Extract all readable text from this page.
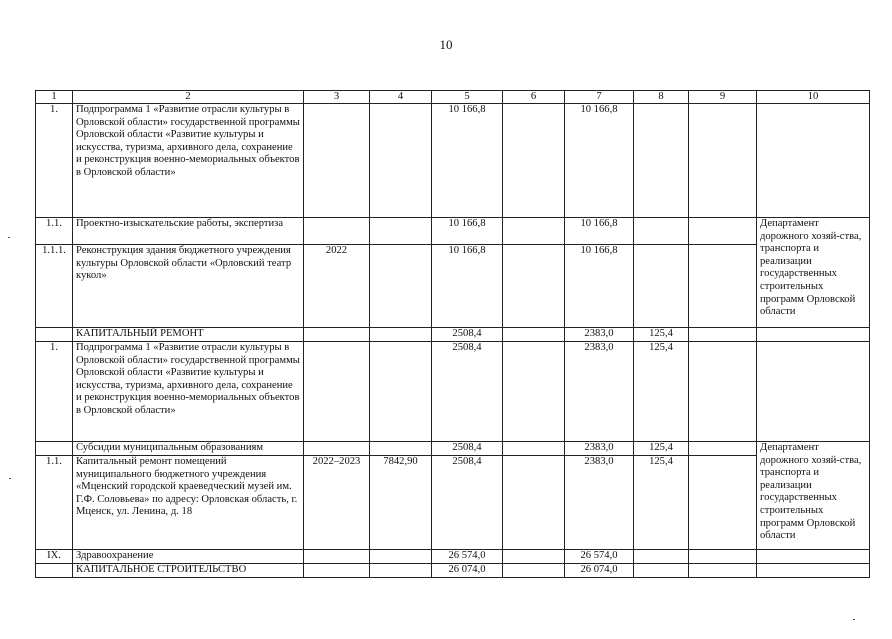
10
1	2	3	4	5	6	7	8	9	10
1.	Подпрограмма 1 «Развитие отрасли культуры в Орловской области» государственной программы Орловской области «Развитие культуры и искусства, туризма, архивного дела, сохранение и реконструкция военно-мемориальных объектов в Орловской области»			10 166,8		10 166,8			
1.1.	Проектно-изыскательские работы, экспертиза			10 166,8		10 166,8			Департамент дорожного хозяй-ства, транспорта и реализации государственных строительных программ Орловской области
1.1.1.	Реконструкция здания бюджетного учреждения культуры Орловской области «Орловский театр кукол»	2022		10 166,8		10 166,8			
	КАПИТАЛЬНЫЙ РЕМОНТ			2508,4		2383,0	125,4		
1.	Подпрограмма 1 «Развитие отрасли культуры в Орловской области» государственной программы Орловской области «Развитие культуры и искусства, туризма, архивного дела, сохранение и реконструкция военно-мемориальных объектов в Орловской области»			2508,4		2383,0	125,4		
	Субсидии муниципальным образованиям			2508,4		2383,0	125,4		Департамент дорожного хозяй-ства, транспорта и реализации государственных строительных программ Орловской области
1.1.	Капитальный ремонт помещений муниципального бюджетного учреждения «Мценский городской краеведческий музей им. Г.Ф. Соловьева» по адресу: Орловская область, г. Мценск, ул. Ленина, д. 18	2022–2023	7842,90	2508,4		2383,0	125,4		
IX.	Здравоохранение			26 574,0		26 574,0			
	КАПИТАЛЬНОЕ СТРОИТЕЛЬСТВО			26 074,0		26 074,0			
